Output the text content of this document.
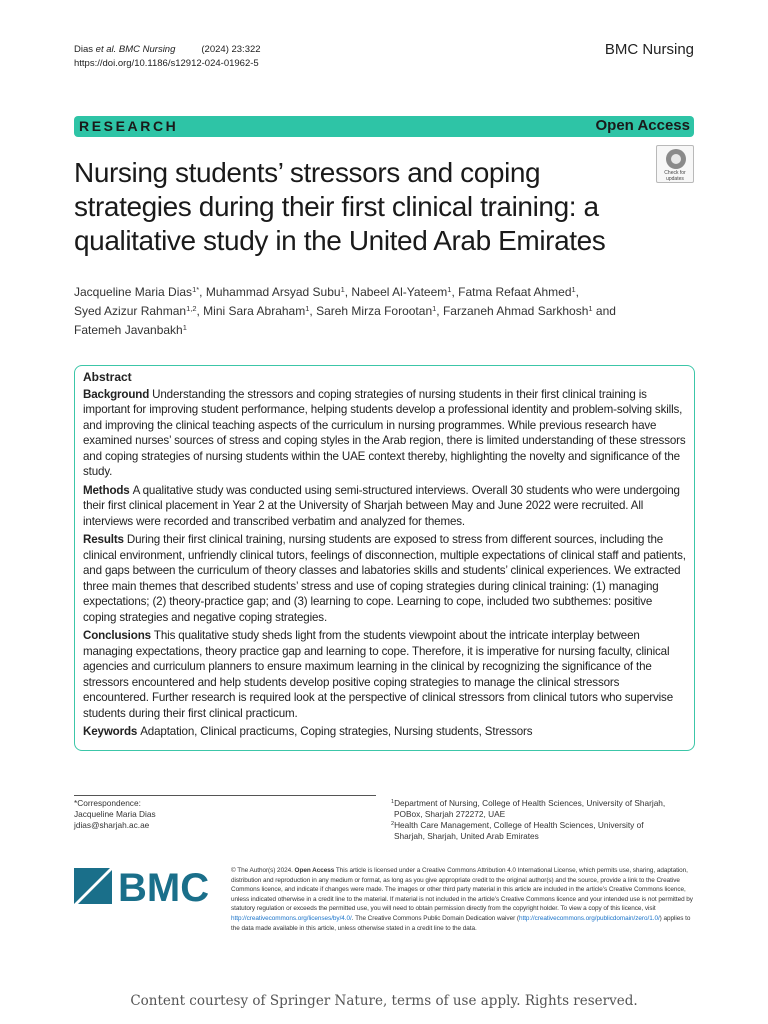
Dias et al. BMC Nursing	(2024) 23:322
https://doi.org/10.1186/s12912-024-01962-5
BMC Nursing
RESEARCH	Open Access
Nursing students’ stressors and coping strategies during their first clinical training: a qualitative study in the United Arab Emirates
Check for
updates
Jacqueline Maria Dias$^{1*}$, Muhammad Arsyad Subu$^1$, Nabeel Al-Yateem$^1$, Fatma Refaat Ahmed$^1$,
Syed Azizur Rahman$^{1,2}$, Mini Sara Abraham$^1$, Sareh Mirza Forootan$^1$, Farzaneh Ahmad Sarkhosh$^1$ and
Fatemeh Javanbakh$^1$
Abstract

Background Understanding the stressors and coping strategies of nursing students in their first clinical training is important for improving student performance, helping students develop a professional identity and problem-solving skills, and improving the clinical teaching aspects of the curriculum in nursing programmes. While previous research have examined nurses’ sources of stress and coping styles in the Arab region, there is limited understanding of these stressors and coping strategies of nursing students within the UAE context thereby, highlighting the novelty and significance of the study.

Methods A qualitative study was conducted using semi-structured interviews. Overall 30 students who were undergoing their first clinical placement in Year 2 at the University of Sharjah between May and June 2022 were recruited. All interviews were recorded and transcribed verbatim and analyzed for themes.

Results During their first clinical training, nursing students are exposed to stress from different sources, including the clinical environment, unfriendly clinical tutors, feelings of disconnection, multiple expectations of clinical staff and patients, and gaps between the curriculum of theory classes and labatories skills and students’ clinical experiences. We extracted three main themes that described students’ stress and use of coping strategies during clinical training: (1) managing expectations; (2) theory-practice gap; and (3) learning to cope. Learning to cope, included two subthemes: positive coping strategies and negative coping strategies.

Conclusions This qualitative study sheds light from the students viewpoint about the intricate interplay between managing expectations, theory practice gap and learning to cope. Therefore, it is imperative for nursing faculty, clinical agencies and curriculum planners to ensure maximum learning in the clinical by recognizing the significance of the stressors encountered and help students develop positive coping strategies to manage the clinical stressors encountered. Further research is required look at the perspective of clinical stressors from clinical tutors who supervise students during their first clinical practicum.

Keywords Adaptation, Clinical practicums, Coping strategies, Nursing students, Stressors

*Correspondence:
Jacqueline Maria Dias
jdias@sharjah.ac.ae
$^1$Department of Nursing, College of Health Sciences, University of Sharjah,
POBox, Sharjah 272272, UAE
$^2$Health Care Management, College of Health Sciences, University of
Sharjah, Sharjah, United Arab Emirates
BMC	© The Author(s) 2024. Open Access This article is licensed under a Creative Commons Attribution 4.0 International License, which permits use, sharing, adaptation, distribution and reproduction in any medium or format, as long as you give appropriate credit to the original author(s) and the source, provide a link to the Creative Commons licence, and indicate if changes were made. The images or other third party material in this article are included in the article’s Creative Commons licence, unless indicated otherwise in a credit line to the material. If material is not included in the article’s Creative Commons licence and your intended use is not permitted by statutory regulation or exceeds the permitted use, you will need to obtain permission directly from the copyright holder. To view a copy of this licence, visit http://creativecommons.org/licenses/by/4.0/. The Creative Commons Public Domain Dedication waiver (http://creativecommons.org/publicdomain/zero/1.0/) applies to the data made available in this article, unless otherwise stated in a credit line to the data.
Content courtesy of Springer Nature, terms of use apply. Rights reserved.
